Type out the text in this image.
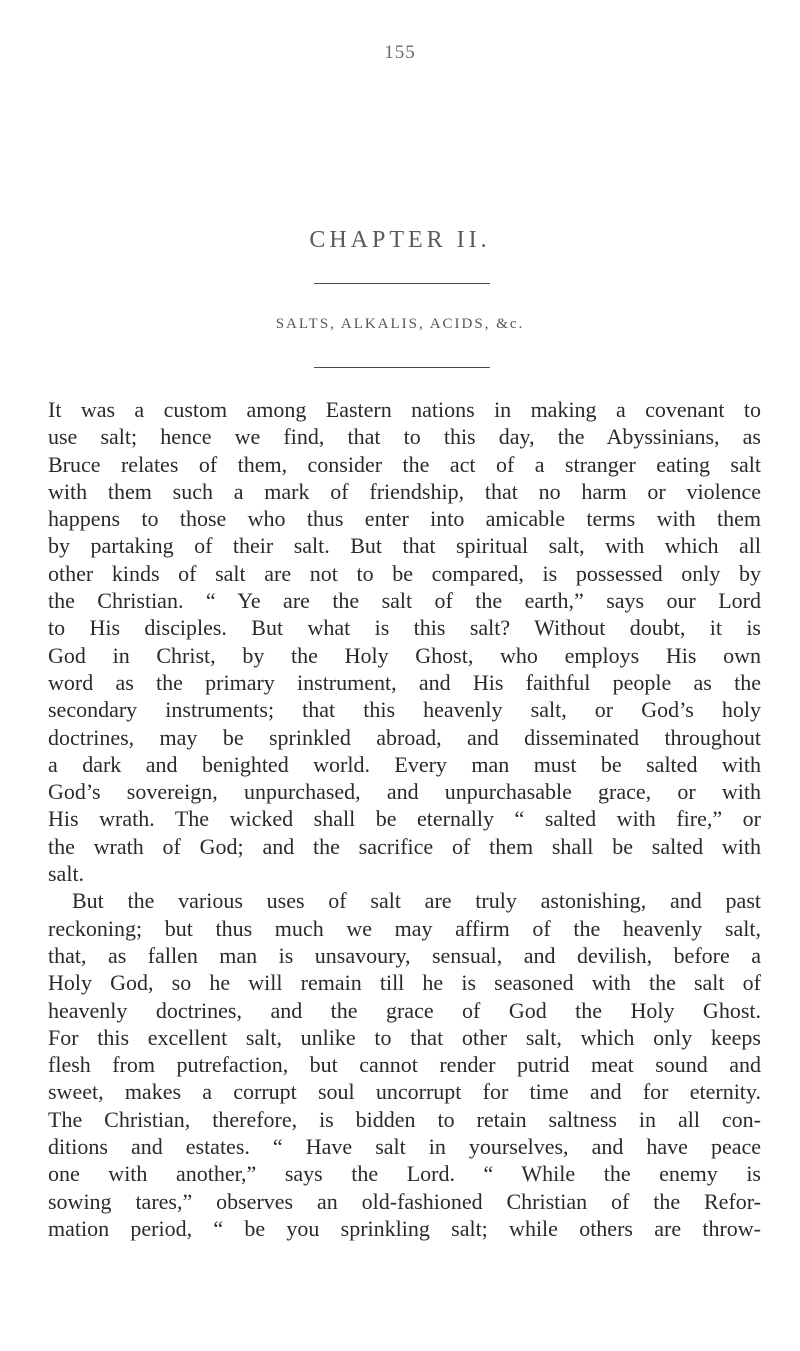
155
CHAPTER II.
SALTS, ALKALIS, ACIDS, &c.
It was a custom among Eastern nations in making a covenant to
use salt; hence we find, that to this day, the Abyssinians, as
Bruce relates of them, consider the act of a stranger eating salt
with them such a mark of friendship, that no harm or violence
happens to those who thus enter into amicable terms with them
by partaking of their salt. But that spiritual salt, with which all
other kinds of salt are not to be compared, is possessed only by
the Christian. “ Ye are the salt of the earth,” says our Lord
to His disciples. But what is this salt? Without doubt, it is
God in Christ, by the Holy Ghost, who employs His own
word as the primary instrument, and His faithful people as the
secondary instruments; that this heavenly salt, or God’s holy
doctrines, may be sprinkled abroad, and disseminated throughout
a dark and benighted world. Every man must be salted with
God’s sovereign, unpurchased, and unpurchasable grace, or with
His wrath. The wicked shall be eternally “ salted with fire,” or
the wrath of God; and the sacrifice of them shall be salted with
salt.
But the various uses of salt are truly astonishing, and past
reckoning; but thus much we may affirm of the heavenly salt,
that, as fallen man is unsavoury, sensual, and devilish, before a
Holy God, so he will remain till he is seasoned with the salt of
heavenly doctrines, and the grace of God the Holy Ghost.
For this excellent salt, unlike to that other salt, which only keeps
flesh from putrefaction, but cannot render putrid meat sound and
sweet, makes a corrupt soul uncorrupt for time and for eternity.
The Christian, therefore, is bidden to retain saltness in all con-
ditions and estates. “ Have salt in yourselves, and have peace
one with another,” says the Lord. “ While the enemy is
sowing tares,” observes an old-fashioned Christian of the Refor-
mation period, “ be you sprinkling salt; while others are throw-
